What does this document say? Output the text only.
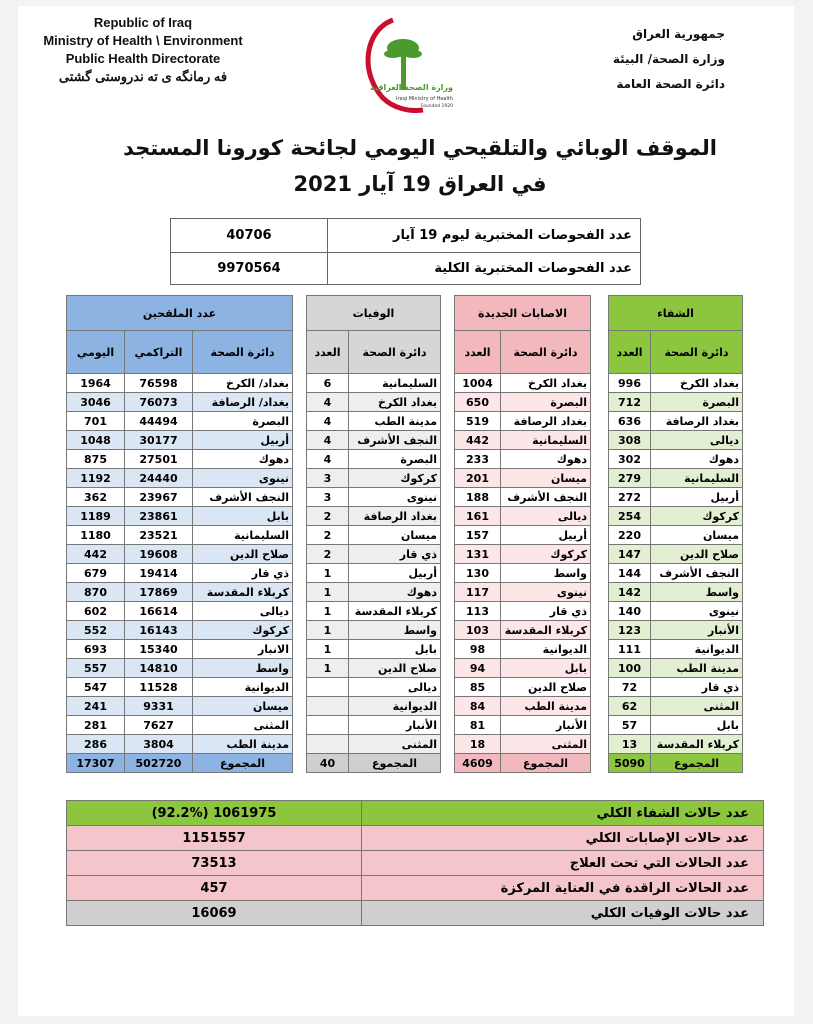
Republic of Iraq
Ministry of Health \ Environment
Public Health Directorate
فه رمانگه ی ته ندروستی گشتی
جمهورية العراق
وزارة الصحة/ البيئة
دائرة الصحة العامة
وزارة الصحة العراقية
Iraqi Ministry of Health
Founded 1920
الموقف الوبائي والتلقيحي اليومي لجائحة كورونا المستجد
في العراق 19 آيار 2021
عدد الفحوصات المختبرية ليوم 19 آيار	40706
عدد الفحوصات المختبرية الكلية	9970564
الشفاء	
دائرة الصحة	العدد
بغداد الكرخ	996
البصرة	712
بغداد الرصافة	636
ديالى	308
دهوك	302
السليمانية	279
أربيل	272
كركوك	254
ميسان	220
صلاح الدين	147
النجف الأشرف	144
واسط	142
نينوى	140
الأنبار	123
الديوانية	111
مدينة الطب	100
ذي قار	72
المثنى	62
بابل	57
كربلاء المقدسة	13
المجموع	5090
الاصابات الجديدة	
دائرة الصحة	العدد
بغداد الكرخ	1004
البصرة	650
بغداد الرصافة	519
السليمانية	442
دهوك	233
ميسان	201
النجف الأشرف	188
ديالى	161
أربيل	157
كركوك	131
واسط	130
نينوى	117
ذي قار	113
كربلاء المقدسة	103
الديوانية	98
بابل	94
صلاح الدين	85
مدينة الطب	84
الأنبار	81
المثنى	18
المجموع	4609
الوفيات	
دائرة الصحة	العدد
السليمانية	6
بغداد الكرخ	4
مدينة الطب	4
النجف الأشرف	4
البصرة	4
كركوك	3
نينوى	3
بغداد الرصافة	2
ميسان	2
ذي قار	2
أربيل	1
دهوك	1
كربلاء المقدسة	1
واسط	1
بابل	1
صلاح الدين	1
ديالى	
الديوانية	
الأنبار	
المثنى	
المجموع	40
عدد الملقحين		
دائرة الصحة	التراكمي	اليومي
بغداد/ الكرخ	76598	1964
بغداد/ الرصافة	76073	3046
البصرة	44494	701
أربيل	30177	1048
دهوك	27501	875
نينوى	24440	1192
النجف الأشرف	23967	362
بابل	23861	1189
السليمانية	23521	1180
صلاح الدين	19608	442
ذي قار	19414	679
كربلاء المقدسة	17869	870
ديالى	16614	602
كركوك	16143	552
الانبار	15340	693
واسط	14810	557
الديوانية	11528	547
ميسان	9331	241
المثنى	7627	281
مدينة الطب	3804	286
المجموع	502720	17307
عدد حالات الشفاء الكلي	1061975 (92.2%)
عدد حالات الإصابات الكلي	1151557
عدد الحالات التي تحت العلاج	73513
عدد الحالات الراقدة في العناية المركزة	457
عدد حالات الوفيات الكلي	16069
